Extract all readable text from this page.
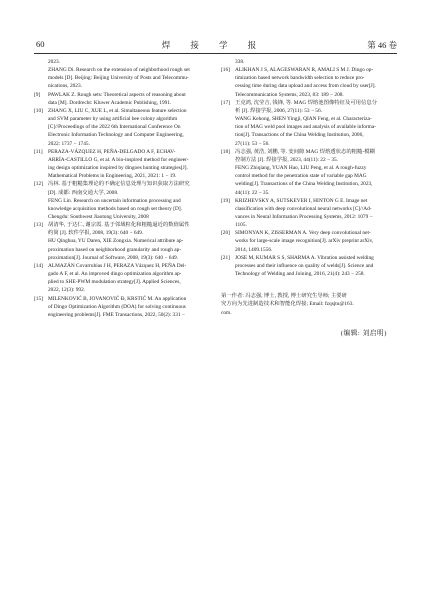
60	焊 接 学 报	第 46 卷
2023.
ZHANG Di. Research on the extension of neighborhood rough set
models [D]. Beijing: Beijing University of Posts and Telecommu-
nications, 2023.
[9] PAWLAK Z. Rough sets: Theoretical aspects of reasoning about
data [M]. Dordrecht: Kluwer Academic Publishing, 1991.
[10] ZHANG X, LIU C, XUE L, et al. Simultaneous feature selection
and SVM parameter by using artificial bee colony algorithm
[C]//Proceedings of the 2022 6th International Conference On
Electronic Information Technology and Computer Engineering,
2022: 1737 − 1745.
[11] PERAZA-VÁZQUEZ H, PEÑA-DELGADO A F, ECHAV-
ARRÍA-CASTILLO G, et al. A bio-inspired method for engineer-
ing design optimization inspired by dingoes hunting strategies[J].
Mathematical Problems in Engineering, 2021, 2021: 1 − 19.
[12] 冯林. 基于粗糙集理论的不确定信息处理与知识获取方法研究
[D]. 成都: 西南交通大学, 2008.
FENG Lin. Research on uncertain information processing and
knowledge acquisition methods based on rough set theory [D].
Chengdu: Southwest Jiaotong University, 2008
[13] 胡清华, 于达仁, 谢宗霞. 基于邻域粒化和粗糙逼近的数值属性
约简 [J]. 软件学报, 2008, 19(3): 640 − 649.
HU Qinghua, YU Daren, XIE Zongxia. Numerical attribute ap-
proximation based on neighborhood granularity and rough ap-
proximation[J]. Journal of Software, 2008, 19(3): 640 − 649.
[14] ALMAZÁN Covarrubias J H, PERAZA Vázquez H, PEÑA Del-
gado A F, et al. An improved dingo optimization algorithm ap-
plied to SHE-PWM modulation strategy[J]. Applied Sciences,
2022, 12(3): 992.
[15] MILENKOVIĆ B, JOVANOVIĆ Đ, KRSTIĆ M. An application
of Dingo Optimization Algorithm (DOA) for solving continuous
engineering problems[J]. FME Transactions, 2022, 50(2): 331 −
338.
[16] ALIKHAN J S, ALAGESWARAN R, AMALI S M J. Dingo op-
timization based network bandwidth selection to reduce pro-
cessing time during data upload and access from cloud by user[J].
Telecommunication Systems, 2023, 83: 189 − 208.
[17] 王克鸿, 沈莹吉, 钱锋, 等. MAG 焊熔池图像特征及可用信息分
析 [J]. 焊接学报, 2006, 27(11): 53 − 56.
WANG Kehong, SHEN Yingji, QIAN Feng, et al. Characteriza-
tion of MAG weld pool images and analysis of available informa-
tion[J]. Transactions of the China Welding Institution, 2006,
27(11): 53 − 56.
[18] 冯志强, 黄浩, 刘鹏, 等. 变间隙 MAG 焊熔透状态的粗糙-模糊
控制方法 [J]. 焊接学报, 2023, 44(11): 22 − 35.
FENG Zhiqiang, YUAN Hao, LIU Peng, et al. A rough-fuzzy
control method for the penetration state of variable gap MAG
welding[J]. Transactions of the China Welding Institution, 2023,
44(11): 22 − 35.
[19] KRIZHEVSKY A, SUTSKEVER I, HINTON G E. Image net
classification with deep convolutional neural networks [C]//Ad-
vances in Neural Information Processing Systems, 2012: 1079 −
1105.
[20] SIMONYAN K, ZISSERMAN A. Very deep convolutional net-
works for large-scale image recognition[J]. arXiv preprint arXiv,
2014, 1409.1556.
[21] JOSE M, KUMAR S S, SHARMA A. Vibration assisted welding
processes and their influence on quality of welds[J]. Science and
Technology of Welding and Joining, 2016, 21(4): 243 − 258.
第一作者: 冯志强, 博士, 教授, 博士研究生导师; 主要研
究方向为先进制造技术和智能化焊接; Email: fzqsjtu@163.
com.
(编辑: 刘启明)
